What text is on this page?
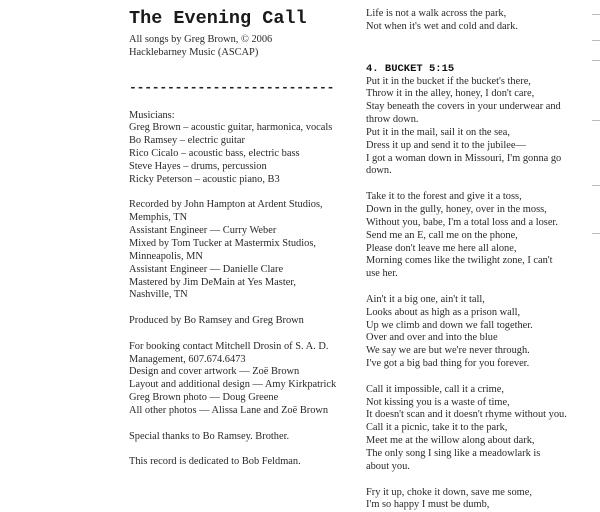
The Evening Call
All songs by Greg Brown, © 2006
Hacklebarney Music (ASCAP)
---------------------------
Musicians:
Greg Brown – acoustic guitar, harmonica, vocals
Bo Ramsey – electric guitar
Rico Cicalo – acoustic bass, electric bass
Steve Hayes – drums, percussion
Ricky Peterson – acoustic piano, B3
Recorded by John Hampton at Ardent Studios,
Memphis, TN
Assistant Engineer — Curry Weber
Mixed by Tom Tucker at Mastermix Studios,
Minneapolis, MN
Assistant Engineer — Danielle Clare
Mastered by Jim DeMain at Yes Master,
Nashville, TN
Produced by Bo Ramsey and Greg Brown
For booking contact Mitchell Drosin of S. A. D.
Management, 607.674.6473
Design and cover artwork — Zoë Brown
Layout and additional design — Amy Kirkpatrick
Greg Brown photo — Doug Greene
All other photos — Alissa Lane and Zoë Brown
Special thanks to Bo Ramsey. Brother.
This record is dedicated to Bob Feldman.
Life is not a walk across the park,
Not when it's wet and cold and dark.
4. BUCKET 5:15
Put it in the bucket if the bucket's there,
Throw it in the alley, honey, I don't care,
Stay beneath the covers in your underwear and
throw down.
Put it in the mail, sail it on the sea,
Dress it up and send it to the jubilee—
I got a woman down in Missouri, I'm gonna go
down.
Take it to the forest and give it a toss,
Down in the gully, honey, over in the moss,
Without you, babe, I'm a total loss and a loser.
Send me an E, call me on the phone,
Please don't leave me here all alone,
Morning comes like the twilight zone, I can't
use her.
Ain't it a big one, ain't it tall,
Looks about as high as a prison wall,
Up we climb and down we fall together.
Over and over and into the blue
We say we are but we're never through.
I've got a big bad thing for you forever.
Call it impossible, call it a crime,
Not kissing you is a waste of time,
It doesn't scan and it doesn't rhyme without you.
Call it a picnic, take it to the park,
Meet me at the willow along about dark,
The only song I sing like a meadowlark is
about you.
Fry it up, choke it down, save me some,
I'm so happy I must be dumb,
